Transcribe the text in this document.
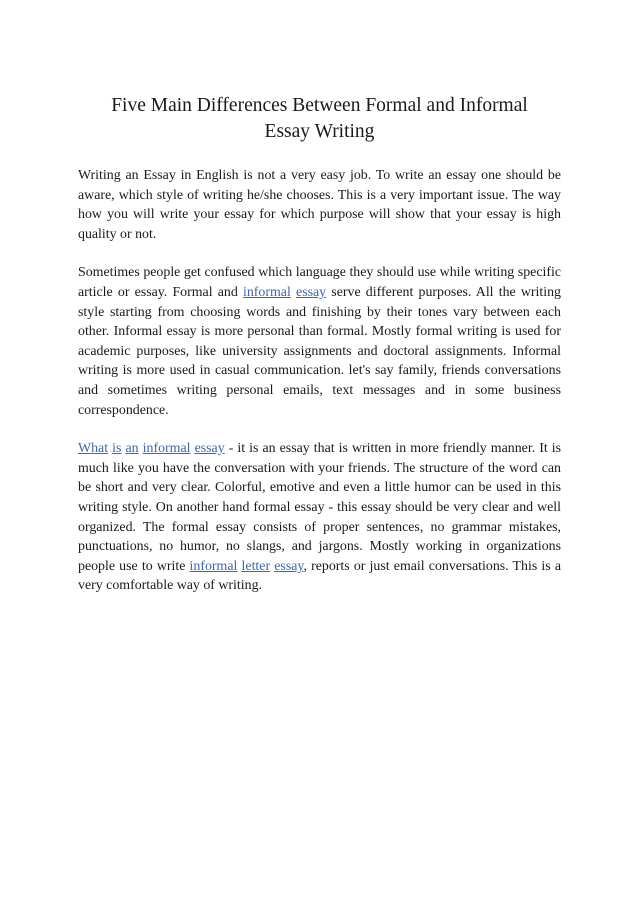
Five Main Differences Between Formal and Informal
Essay Writing

Writing an Essay in English is not a very easy job. To write an essay one should be aware, which style of writing he/she chooses. This is a very important issue. The way how you will write your essay for which purpose will show that your essay is high quality or not.

Sometimes people get confused which language they should use while writing specific article or essay. Formal and informal essay serve different purposes. All the writing style starting from choosing words and finishing by their tones vary between each other. Informal essay is more personal than formal. Mostly formal writing is used for academic purposes, like university assignments and doctoral assignments. Informal writing is more used in casual communication. let's say family, friends conversations and sometimes writing personal emails, text messages and in some business correspondence.

What is an informal essay - it is an essay that is written in more friendly manner. It is much like you have the conversation with your friends. The structure of the word can be short and very clear. Colorful, emotive and even a little humor can be used in this writing style. On another hand formal essay - this essay should be very clear and well organized. The formal essay consists of proper sentences, no grammar mistakes, punctuations, no humor, no slangs, and jargons. Mostly working in organizations people use to write informal letter essay, reports or just email conversations. This is a very comfortable way of writing.
